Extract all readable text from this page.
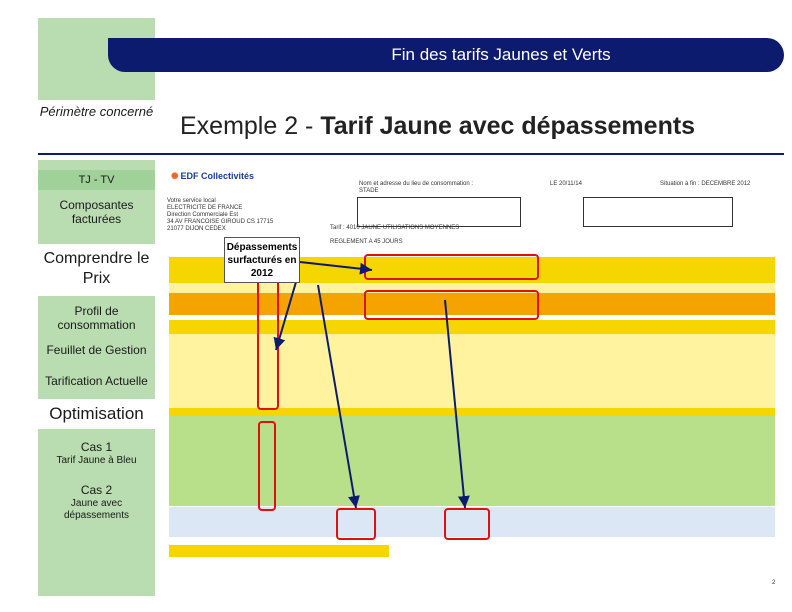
Périmètre concerné
TJ - TV
Composantes facturées
Comprendre le Prix
Profil de consommation
Feuillet de Gestion
Tarification Actuelle
Optimisation
Cas 1
Tarif Jaune à Bleu
Cas 2
Jaune avec dépassements
Fin des tarifs Jaunes et Verts
Exemple 2 - Tarif Jaune avec dépassements
✺ EDF Collectivités
Nom et adresse du lieu de consommation :
STADE
LE 20/11/14	Situation à fin : DECEMBRE 2012
Votre service local
ELECTRICITE DE FRANCE
Direction Commerciale Est
34 AV FRANCOISE GIROUD CS 17715
21077 DIJON CEDEX	Tarif : 4010 JAUNE UTILISATIONS MOYENNES
REGLEMENT A 45 JOURS
Dépassements surfacturés en 2012
2
